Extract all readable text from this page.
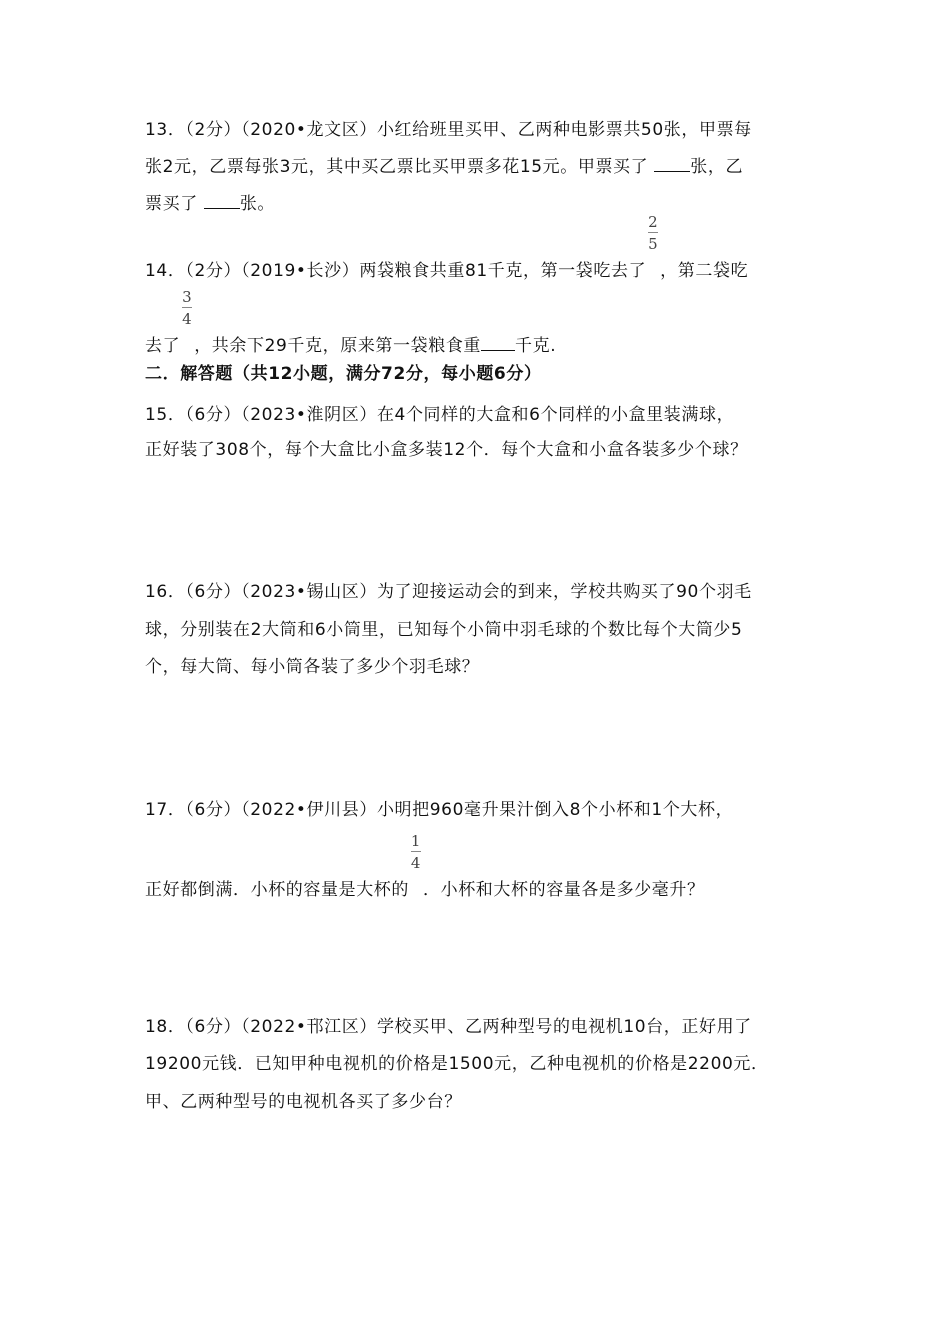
13．（2分）（2020•龙文区）小红给班里买甲、乙两种电影票共50张，甲票每
张2元，乙票每张3元，其中买乙票比买甲票多花15元。甲票买了 张，乙
票买了 张。
14．（2分）（2019•长沙）两袋粮食共重81千克，第一袋吃去了 $\frac{2}{5}$ ，第二袋吃
去了 $\frac{3}{4}$ ，共余下29千克，原来第一袋粮食重 千克.
二．解答题（共12小题，满分72分，每小题6分）
15．（6分）（2023•淮阴区）在4个同样的大盒和6个同样的小盒里装满球，
正好装了308个，每个大盒比小盒多装12个．每个大盒和小盒各装多少个球？
16．（6分）（2023•锡山区）为了迎接运动会的到来，学校共购买了90个羽毛
球，分别装在2大筒和6小筒里，已知每个小筒中羽毛球的个数比每个大筒少5
个，每大筒、每小筒各装了多少个羽毛球？
17．（6分）（2022•伊川县）小明把960毫升果汁倒入8个小杯和1个大杯，
正好都倒满．小杯的容量是大杯的 $\frac{1}{4}$ ．小杯和大杯的容量各是多少毫升？
18．（6分）（2022•邗江区）学校买甲、乙两种型号的电视机10台，正好用了
19200元钱．已知甲种电视机的价格是1500元，乙种电视机的价格是2200元．
甲、乙两种型号的电视机各买了多少台？
